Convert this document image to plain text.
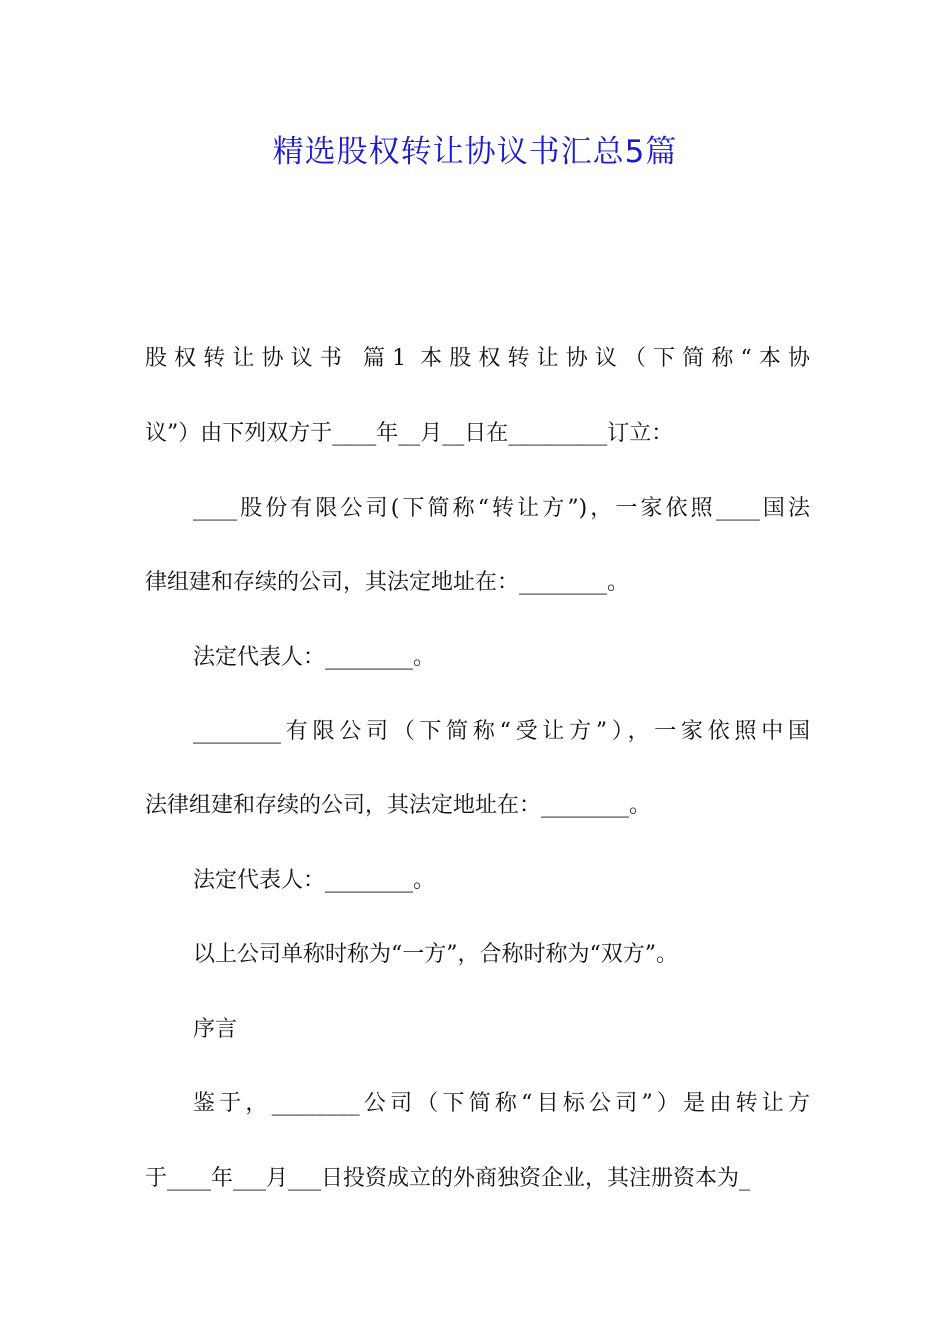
精选股权转让协议书汇总5篇
股权转让协议书 篇1 本股权转让协议（下简称“本协
议”）由下列双方于____年__月__日在_________订立：
____股份有限公司(下简称“转让方”)，一家依照____国法
律组建和存续的公司，其法定地址在：________。
法定代表人：________。
________有限公司（下简称“受让方”），一家依照中国
法律组建和存续的公司，其法定地址在：________。
法定代表人：________。
以上公司单称时称为“一方”，合称时称为“双方”。
序言
鉴于，________公司（下简称“目标公司”）是由转让方
于____年___月___日投资成立的外商独资企业，其注册资本为_
